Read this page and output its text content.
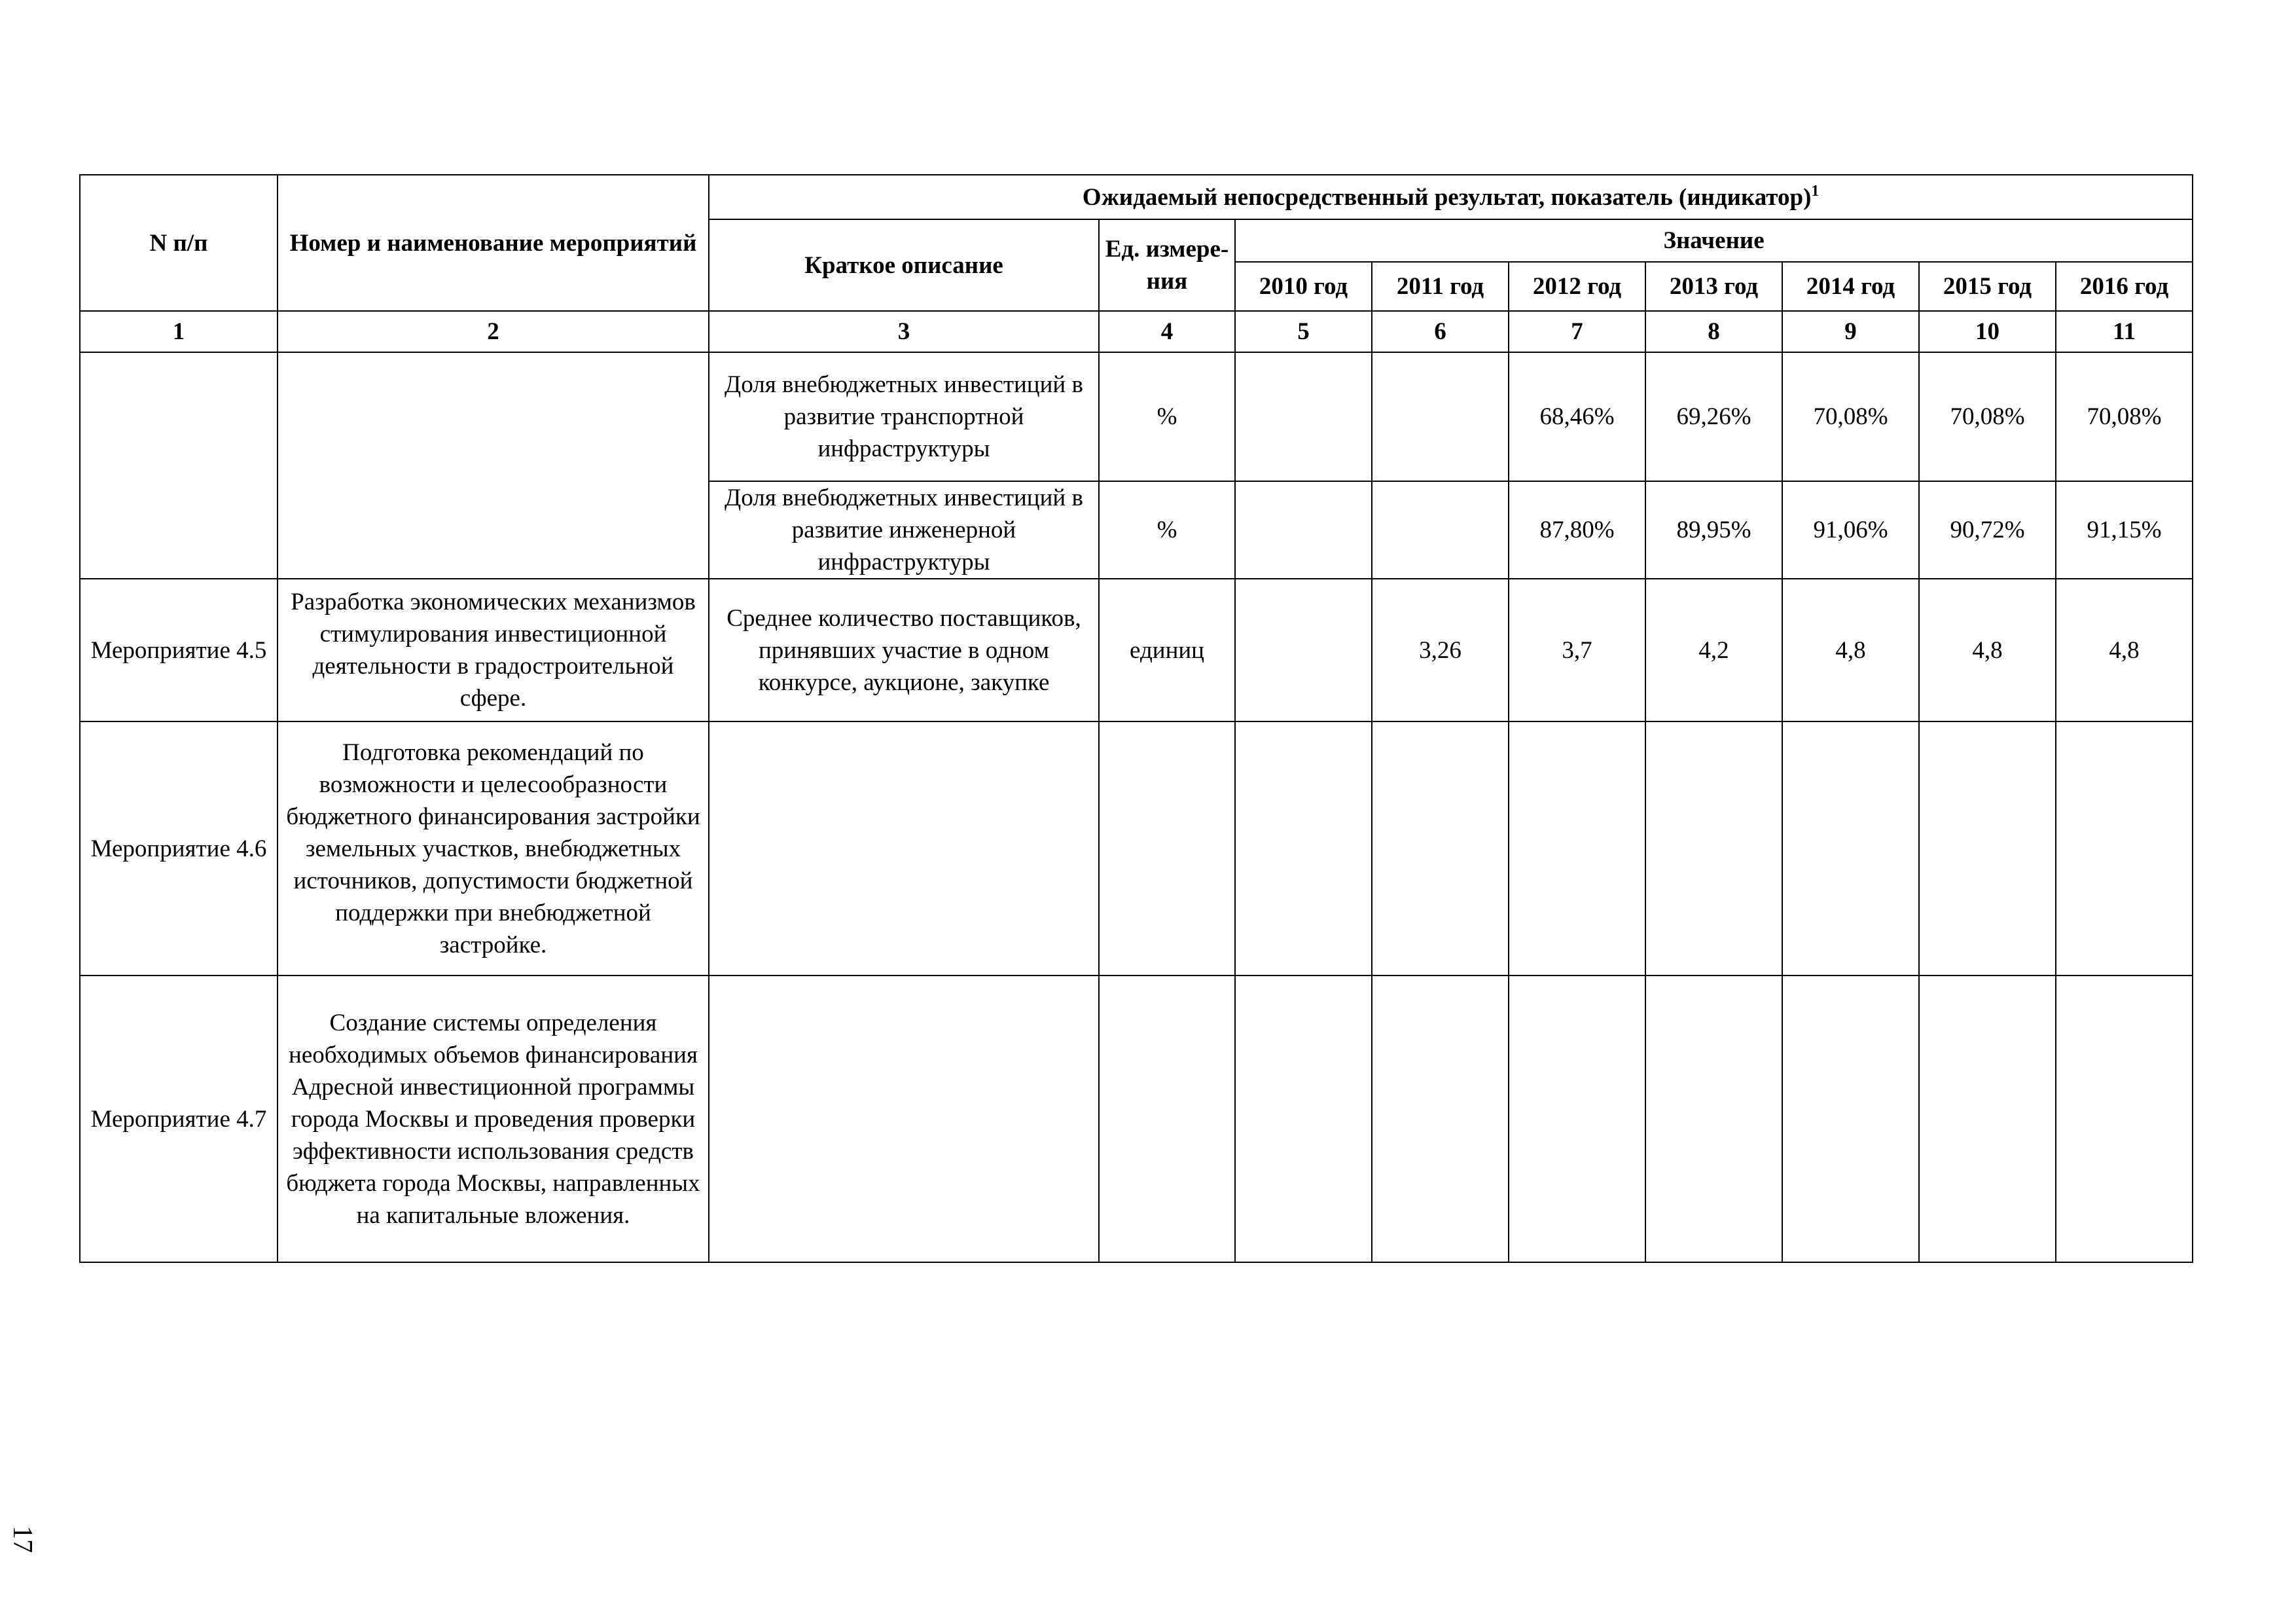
N п/п	Номер и наименование мероприятий	Ожидаемый непосредственный результат, показатель (индикатор)$^1$
		Краткое описание	Ед. измере-ния	Значение						
				2010 год	2011 год	2012 год	2013 год	2014 год	2015 год	2016 год
1	2	3	4	5	6	7	8	9	10	11
		Доля внебюджетных инвестиций в развитие транспортной инфраструктуры	%			68,46%	69,26%	70,08%	70,08%	70,08%
		Доля внебюджетных инвестиций в развитие инженерной инфраструктуры	%			87,80%	89,95%	91,06%	90,72%	91,15%
Мероприятие 4.5	Разработка экономических механизмов стимулирования инвестиционной деятельности в градостроительной сфере.	Среднее количество поставщиков, принявших участие в одном конкурсе, аукционе, закупке	единиц		3,26	3,7	4,2	4,8	4,8	4,8
Мероприятие 4.6	Подготовка рекомендаций по возможности и целесообразности бюджетного финансирования застройки земельных участков, внебюджетных источников, допустимости бюджетной поддержки при внебюджетной застройке.									
Мероприятие 4.7	Создание системы определения необходимых объемов финансирования Адресной инвестиционной программы города Москвы и проведения проверки эффективности использования средств бюджета города Москвы, направленных на капитальные вложения.									
17
